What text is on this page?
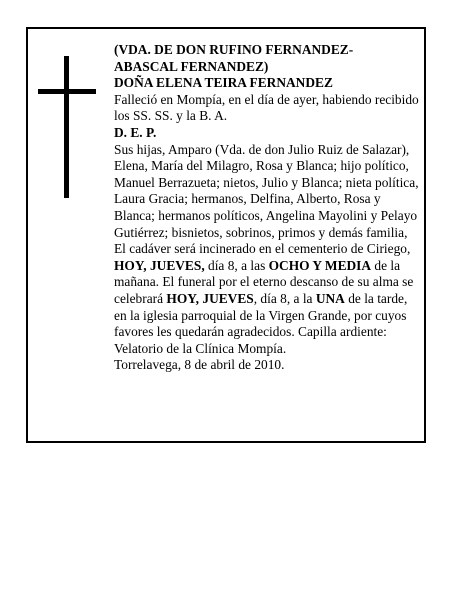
(VDA. DE DON RUFINO FERNANDEZ-

ABASCAL FERNANDEZ)

DOÑA ELENA TEIRA FERNANDEZ

Falleció en Mompía, en el día de ayer, habiendo recibido los SS. SS. y la B. A.

D. E. P.

Sus hijas, Amparo (Vda. de don Julio Ruiz de Salazar), Elena, María del Milagro, Rosa y Blanca; hijo político, Manuel Berrazueta; nietos, Julio y Blanca; nieta política, Laura Gracia; hermanos, Delfina, Alberto, Rosa y Blanca; hermanos políticos, Angelina Mayolini y Pelayo Gutiérrez; bisnietos, sobrinos, primos y demás familia,

El cadáver será incinerado en el cementerio de Ciriego,
HOY, JUEVES, día 8, a las OCHO Y MEDIA de la mañana. El funeral por el eterno descanso de su alma se celebrará HOY, JUEVES, día 8, a la UNA de la tarde, en la iglesia parroquial de la Virgen Grande, por cuyos favores les quedarán agradecidos. Capilla ardiente: Velatorio de la Clínica Mompía.

Torrelavega, 8 de abril de 2010.
